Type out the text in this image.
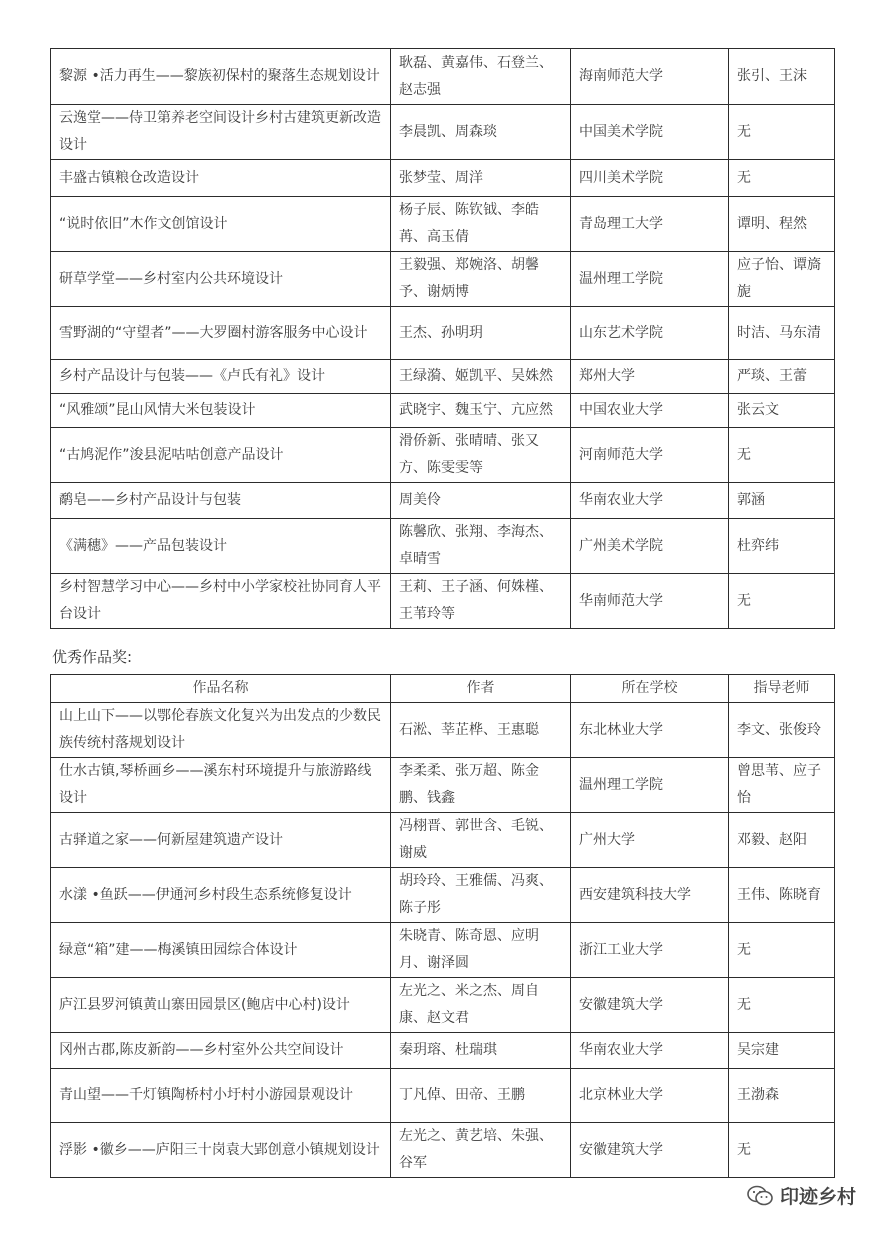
黎源 •活力再生——黎族初保村的聚落生态规划设计	耿磊、黄嘉伟、石登兰、赵志强	海南师范大学	张引、王沫
云逸堂——侍卫第养老空间设计乡村古建筑更新改造设计	李晨凯、周森琰	中国美术学院	无
丰盛古镇粮仓改造设计	张梦莹、周洋	四川美术学院	无
“说时依旧”木作文创馆设计	杨子辰、陈钦钺、李皓苒、高玉倩	青岛理工大学	谭明、程然
研草学堂——乡村室内公共环境设计	王毅强、郑婉洛、胡馨予、谢炳博	温州理工学院	应子怡、谭旖旎
雪野湖的“守望者”——大罗圈村游客服务中心设计	王杰、孙明玥	山东艺术学院	时洁、马东清
乡村产品设计与包装——《卢氏有礼》设计	王绿漪、姬凯平、吴姝然	郑州大学	严琰、王蕾
“风雅颂”昆山风情大米包装设计	武晓宇、魏玉宁、亢应然	中国农业大学	张云文
“古鸠泥作”浚县泥咕咕创意产品设计	滑侨新、张晴晴、张又方、陈雯雯等	河南师范大学	无
鹬皂——乡村产品设计与包装	周美伶	华南农业大学	郭涵
《满穗》——产品包装设计	陈馨欣、张翔、李海杰、卓晴雪	广州美术学院	杜弈纬
乡村智慧学习中心——乡村中小学家校社协同育人平台设计	王莉、王子涵、何姝槿、王苇玲等	华南师范大学	无

优秀作品奖:

作品名称	作者	所在学校	指导老师
山上山下——以鄂伦春族文化复兴为出发点的少数民族传统村落规划设计	石淞、莘芷桦、王惠聪	东北林业大学	李文、张俊玲
仕水古镇,琴桥画乡——溪东村环境提升与旅游路线设计	李柔柔、张万超、陈金鹏、钱鑫	温州理工学院	曾思苇、应子怡
古驿道之家——何新屋建筑遗产设计	冯栩晋、郭世含、毛锐、谢威	广州大学	邓毅、赵阳
水漾 •鱼跃——伊通河乡村段生态系统修复设计	胡玲玲、王雅儒、冯爽、陈子彤	西安建筑科技大学	王伟、陈晓育
绿意“箱”建——梅溪镇田园综合体设计	朱晓青、陈奇恩、应明月、谢泽圆	浙江工业大学	无
庐江县罗河镇黄山寨田园景区(鲍店中心村)设计	左光之、米之杰、周自康、赵文君	安徽建筑大学	无
冈州古郡,陈皮新韵——乡村室外公共空间设计	秦玥瑢、杜瑞琪	华南农业大学	吴宗建
青山望——千灯镇陶桥村小圩村小游园景观设计	丁凡倬、田帝、王鹏	北京林业大学	王渤森
浮影 •徽乡——庐阳三十岗袁大郢创意小镇规划设计	左光之、黄艺培、朱强、谷军	安徽建筑大学	无
印迹乡村
